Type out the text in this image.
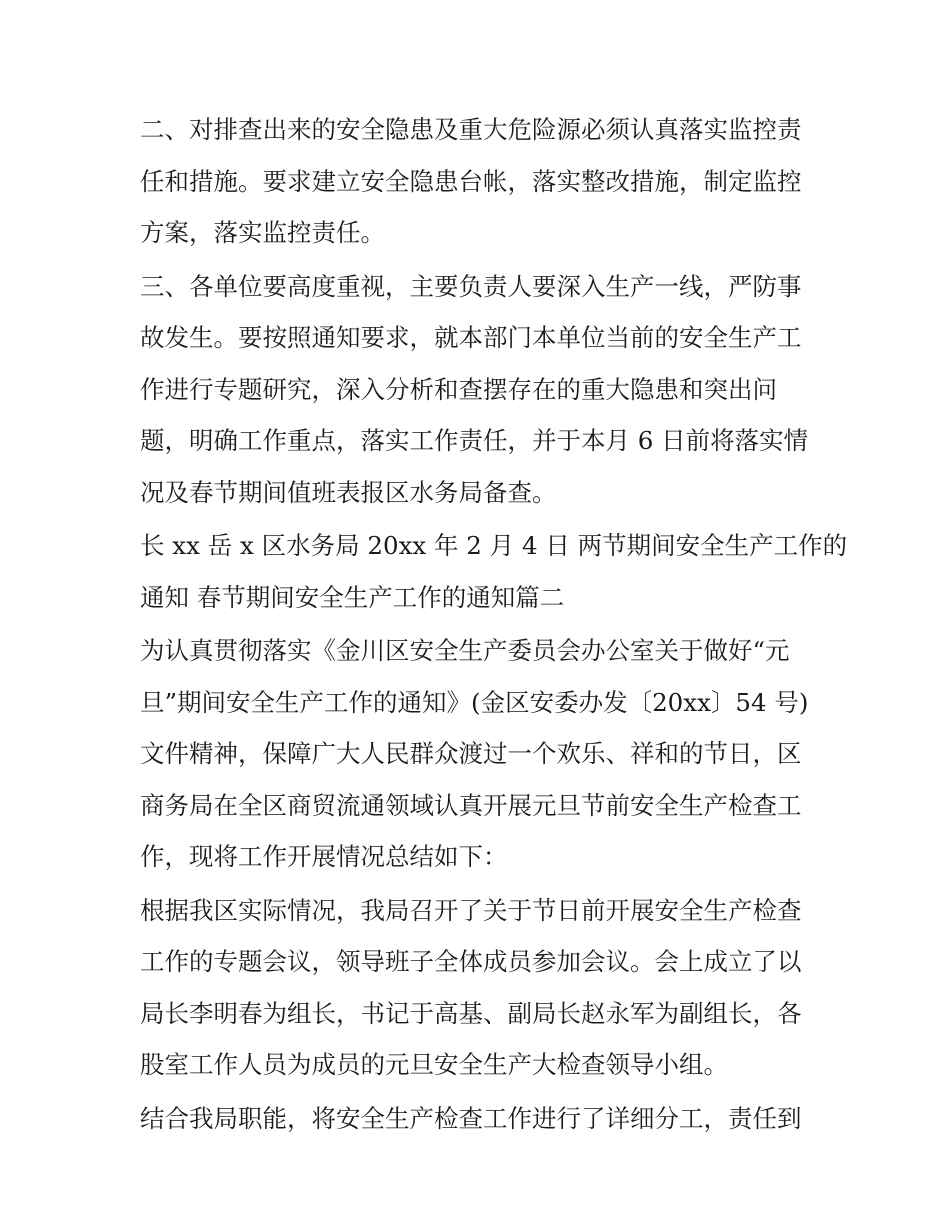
二、对排查出来的安全隐患及重大危险源必须认真落实监控责
任和措施。要求建立安全隐患台帐，落实整改措施，制定监控
方案，落实监控责任。

三、各单位要高度重视，主要负责人要深入生产一线，严防事
故发生。要按照通知要求，就本部门本单位当前的安全生产工
作进行专题研究，深入分析和查摆存在的重大隐患和突出问
题，明确工作重点，落实工作责任，并于本月 6 日前将落实情
况及春节期间值班表报区水务局备查。

长 xx 岳 x 区水务局 20xx 年 2 月 4 日 两节期间安全生产工作的
通知 春节期间安全生产工作的通知篇二

为认真贯彻落实《金川区安全生产委员会办公室关于做好“元
旦”期间安全生产工作的通知》(金区安委办发〔20xx〕54 号)
文件精神，保障广大人民群众渡过一个欢乐、祥和的节日，区
商务局在全区商贸流通领域认真开展元旦节前安全生产检查工
作，现将工作开展情况总结如下：

根据我区实际情况，我局召开了关于节日前开展安全生产检查
工作的专题会议，领导班子全体成员参加会议。会上成立了以
局长李明春为组长，书记于高基、副局长赵永军为副组长，各
股室工作人员为成员的元旦安全生产大检查领导小组。

结合我局职能，将安全生产检查工作进行了详细分工，责任到
